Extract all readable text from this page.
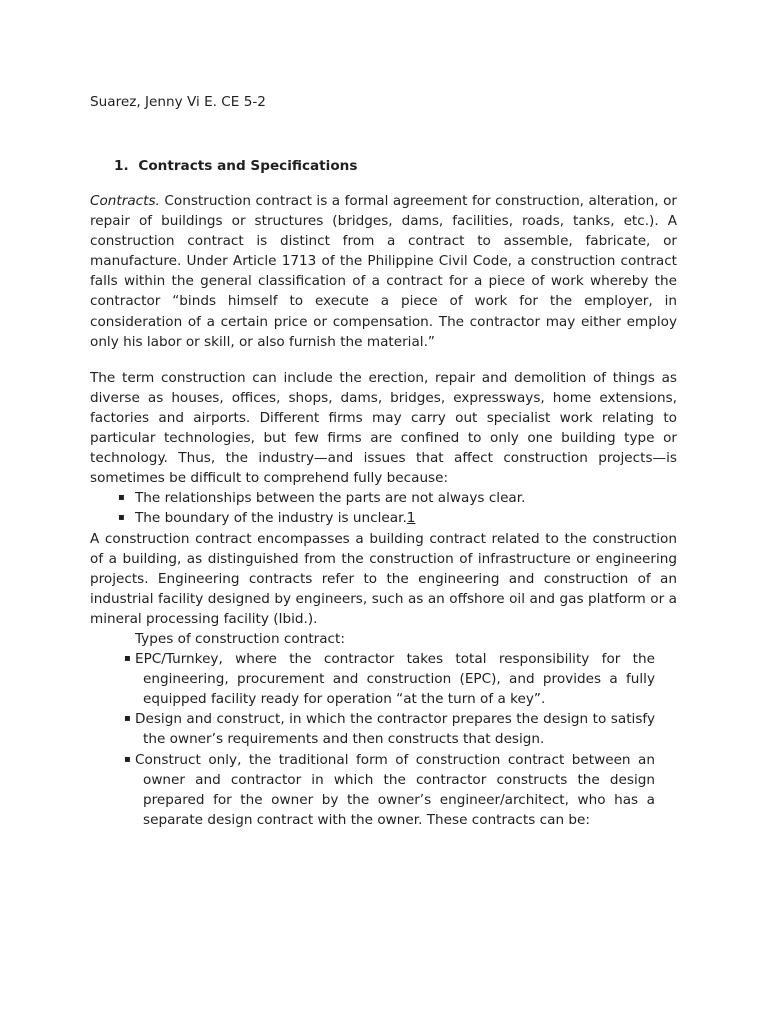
Suarez, Jenny Vi E. CE 5-2
1. Contracts and Specifications

Contracts. Construction contract is a formal agreement for construction, alteration, or repair of buildings or structures (bridges, dams, facilities, roads, tanks, etc.). A construction contract is distinct from a contract to assemble, fabricate, or manufacture. Under Article 1713 of the Philippine Civil Code, a construction contract falls within the general classification of a contract for a piece of work whereby the contractor “binds himself to execute a piece of work for the employer, in consideration of a certain price or compensation. The contractor may either employ only his labor or skill, or also furnish the material.”

The term construction can include the erection, repair and demolition of things as diverse as houses, offices, shops, dams, bridges, expressways, home extensions, factories and airports. Different firms may carry out specialist work relating to particular technologies, but few firms are confined to only one building type or technology. Thus, the industry—and issues that affect construction projects—is sometimes be difficult to comprehend fully because:

▪ The relationships between the parts are not always clear.
▪ The boundary of the industry is unclear.1

A construction contract encompasses a building contract related to the construction of a building, as distinguished from the construction of infrastructure or engineering projects. Engineering contracts refer to the engineering and construction of an industrial facility designed by engineers, such as an offshore oil and gas platform or a mineral processing facility (Ibid.).

Types of construction contract:
▪ EPC/Turnkey, where the contractor takes total responsibility for the engineering, procurement and construction (EPC), and provides a fully equipped facility ready for operation “at the turn of a key”.
▪ Design and construct, in which the contractor prepares the design to satisfy the owner’s requirements and then constructs that design.
▪ Construct only, the traditional form of construction contract between an owner and contractor in which the contractor constructs the design prepared for the owner by the owner’s engineer/architect, who has a separate design contract with the owner. These contracts can be:
